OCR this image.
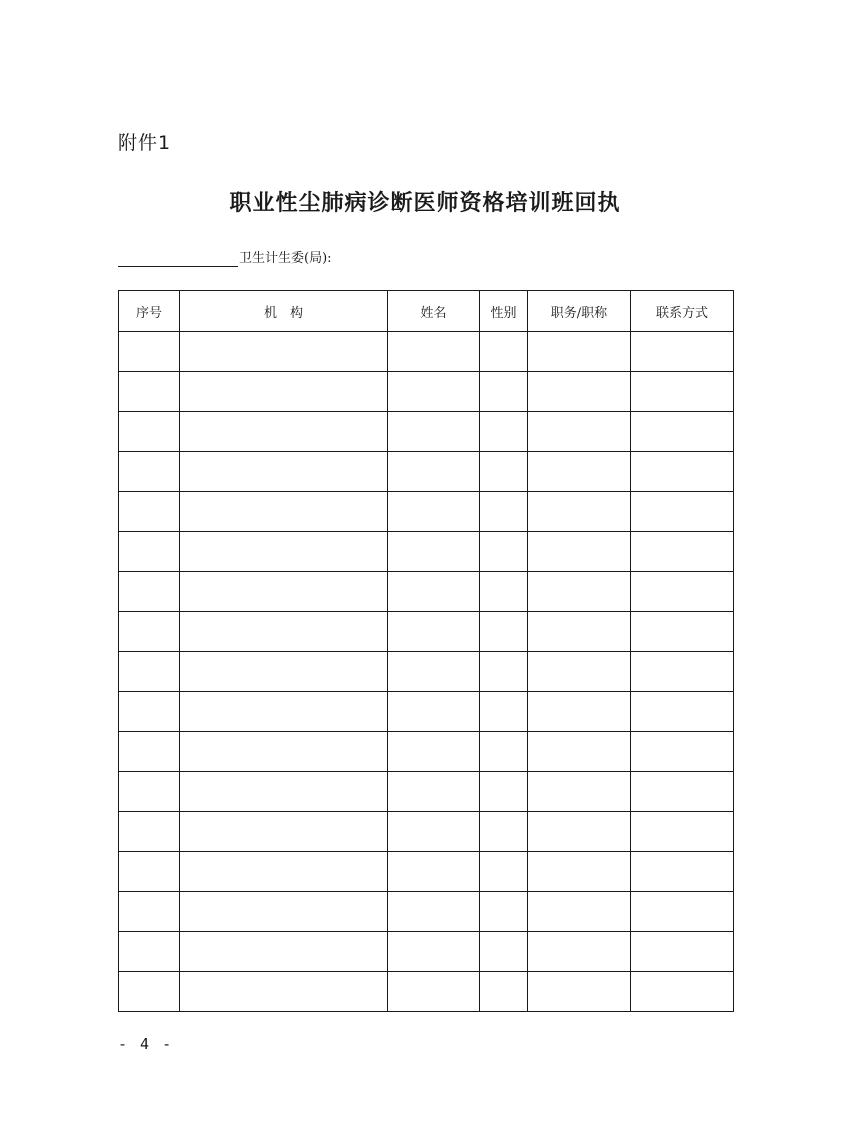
附件1
职业性尘肺病诊断医师资格培训班回执
卫生计生委(局):
序号	机　构	姓名	性别	职务/职称	联系方式

- 4 -
